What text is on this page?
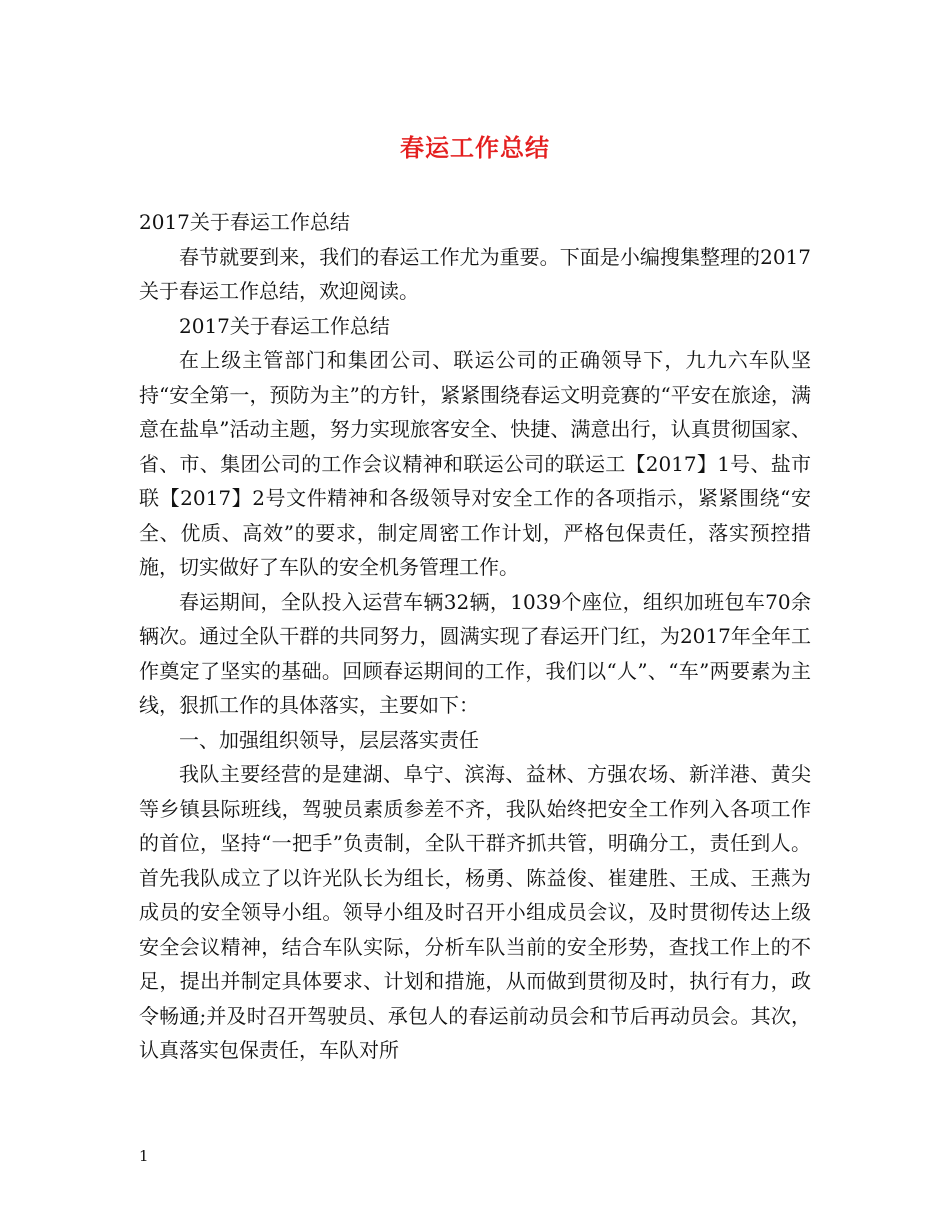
春运工作总结

2017关于春运工作总结

春节就要到来，我们的春运工作尤为重要。下面是小编搜集整理的2017关于春运工作总结，欢迎阅读。

2017关于春运工作总结

在上级主管部门和集团公司、联运公司的正确领导下，九九六车队坚持“安全第一，预防为主”的方针，紧紧围绕春运文明竞赛的“平安在旅途，满意在盐阜”活动主题，努力实现旅客安全、快捷、满意出行，认真贯彻国家、省、市、集团公司的工作会议精神和联运公司的联运工【2017】1号、盐市联【2017】2号文件精神和各级领导对安全工作的各项指示，紧紧围绕“安全、优质、高效”的要求，制定周密工作计划，严格包保责任，落实预控措施，切实做好了车队的安全机务管理工作。

春运期间，全队投入运营车辆32辆，1039个座位，组织加班包车70余辆次。通过全队干群的共同努力，圆满实现了春运开门红，为2017年全年工作奠定了坚实的基础。回顾春运期间的工作，我们以“人”、“车”两要素为主线，狠抓工作的具体落实，主要如下：

一、加强组织领导，层层落实责任

我队主要经营的是建湖、阜宁、滨海、益林、方强农场、新洋港、黄尖等乡镇县际班线，驾驶员素质参差不齐，我队始终把安全工作列入各项工作的首位，坚持“一把手”负责制，全队干群齐抓共管，明确分工，责任到人。首先我队成立了以许光队长为组长，杨勇、陈益俊、崔建胜、王成、王燕为成员的安全领导小组。领导小组及时召开小组成员会议，及时贯彻传达上级安全会议精神，结合车队实际，分析车队当前的安全形势，查找工作上的不足，提出并制定具体要求、计划和措施，从而做到贯彻及时，执行有力，政令畅通;并及时召开驾驶员、承包人的春运前动员会和节后再动员会。其次，认真落实包保责任，车队对所

1
